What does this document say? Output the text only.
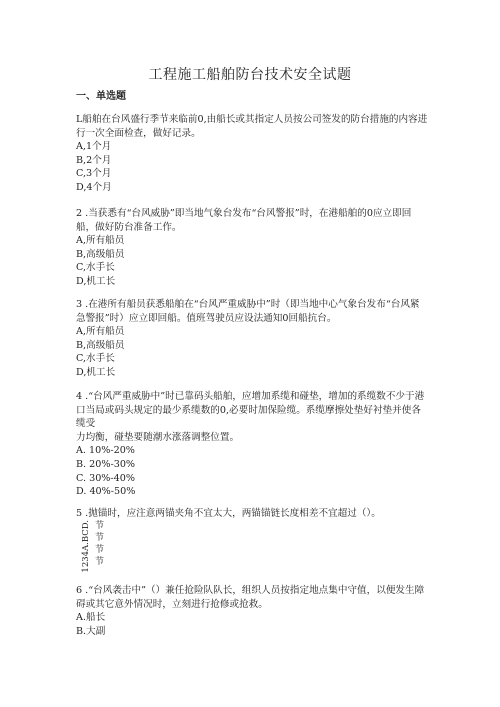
工程施工船舶防台技术安全试题
一、单选题

L船舶在台风盛行季节来临前0,由船长或其指定人员按公司签发的防台措施的内容进行一次全面检查，做好记录。

A,1个月

B,2个月

C,3个月

D,4个月

2 .当获悉有“台风威胁”即当地气象台发布“台风警报”时，在港船舶的0应立即回船，做好防台准备工作。

A,所有船员

B,高级船员

C,水手长

D,机工长

3 .在港所有船员获悉船舶在“台风严重威胁中”时（即当地中心气象台发布“台风紧急警报”时）应立即回船。值班驾驶员应设法通知0回船抗台。

A,所有船员

B,高级船员

C,水手长

D,机工长

4 .“台风严重威胁中”时已靠码头船舶，应增加系缆和碰垫，增加的系缆数不少于港口当局或码头规定的最少系缆数的0,必要时加保险缆。系缆摩擦处垫好衬垫并使各缆受

力均衡，碰垫要随潮水涨落调整位置。

A. 10%-20%

B. 20%-30%

C. 30%-40%

D. 40%-50%

5 .抛锚时，应注意两锚夹角不宜太大，两锚锚链长度相差不宜超过（）。

1234A.BCD. 节
节
节
节

6 .“台风袭击中”（）兼任抢险队队长，组织人员按指定地点集中守值，以便发生障碍或其它意外情况时，立刻进行抢修或抢救。

A.船长

B.大副
